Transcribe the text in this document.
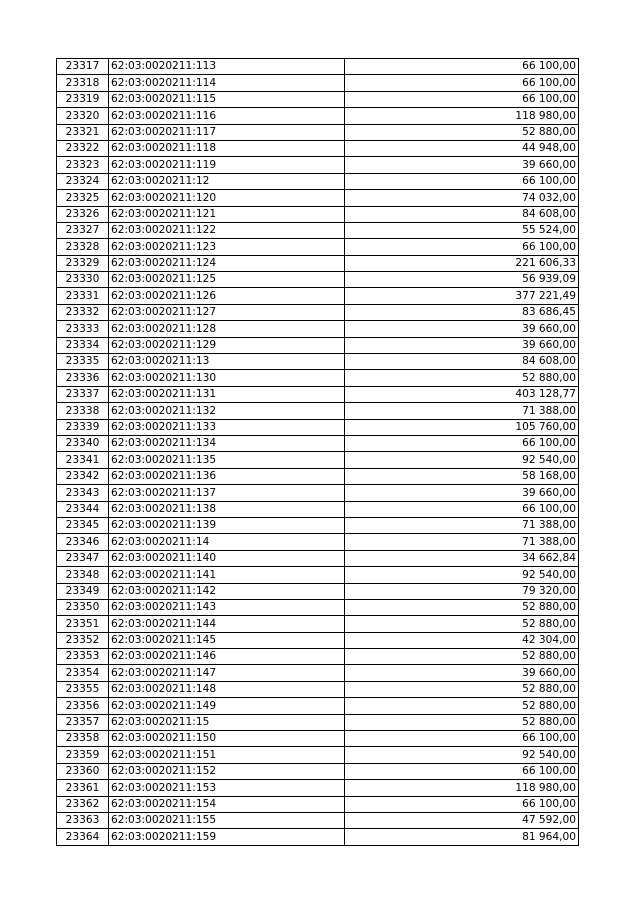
23317	62:03:0020211:113	66 100,00
23318	62:03:0020211:114	66 100,00
23319	62:03:0020211:115	66 100,00
23320	62:03:0020211:116	118 980,00
23321	62:03:0020211:117	52 880,00
23322	62:03:0020211:118	44 948,00
23323	62:03:0020211:119	39 660,00
23324	62:03:0020211:12	66 100,00
23325	62:03:0020211:120	74 032,00
23326	62:03:0020211:121	84 608,00
23327	62:03:0020211:122	55 524,00
23328	62:03:0020211:123	66 100,00
23329	62:03:0020211:124	221 606,33
23330	62:03:0020211:125	56 939,09
23331	62:03:0020211:126	377 221,49
23332	62:03:0020211:127	83 686,45
23333	62:03:0020211:128	39 660,00
23334	62:03:0020211:129	39 660,00
23335	62:03:0020211:13	84 608,00
23336	62:03:0020211:130	52 880,00
23337	62:03:0020211:131	403 128,77
23338	62:03:0020211:132	71 388,00
23339	62:03:0020211:133	105 760,00
23340	62:03:0020211:134	66 100,00
23341	62:03:0020211:135	92 540,00
23342	62:03:0020211:136	58 168,00
23343	62:03:0020211:137	39 660,00
23344	62:03:0020211:138	66 100,00
23345	62:03:0020211:139	71 388,00
23346	62:03:0020211:14	71 388,00
23347	62:03:0020211:140	34 662,84
23348	62:03:0020211:141	92 540,00
23349	62:03:0020211:142	79 320,00
23350	62:03:0020211:143	52 880,00
23351	62:03:0020211:144	52 880,00
23352	62:03:0020211:145	42 304,00
23353	62:03:0020211:146	52 880,00
23354	62:03:0020211:147	39 660,00
23355	62:03:0020211:148	52 880,00
23356	62:03:0020211:149	52 880,00
23357	62:03:0020211:15	52 880,00
23358	62:03:0020211:150	66 100,00
23359	62:03:0020211:151	92 540,00
23360	62:03:0020211:152	66 100,00
23361	62:03:0020211:153	118 980,00
23362	62:03:0020211:154	66 100,00
23363	62:03:0020211:155	47 592,00
23364	62:03:0020211:159	81 964,00
